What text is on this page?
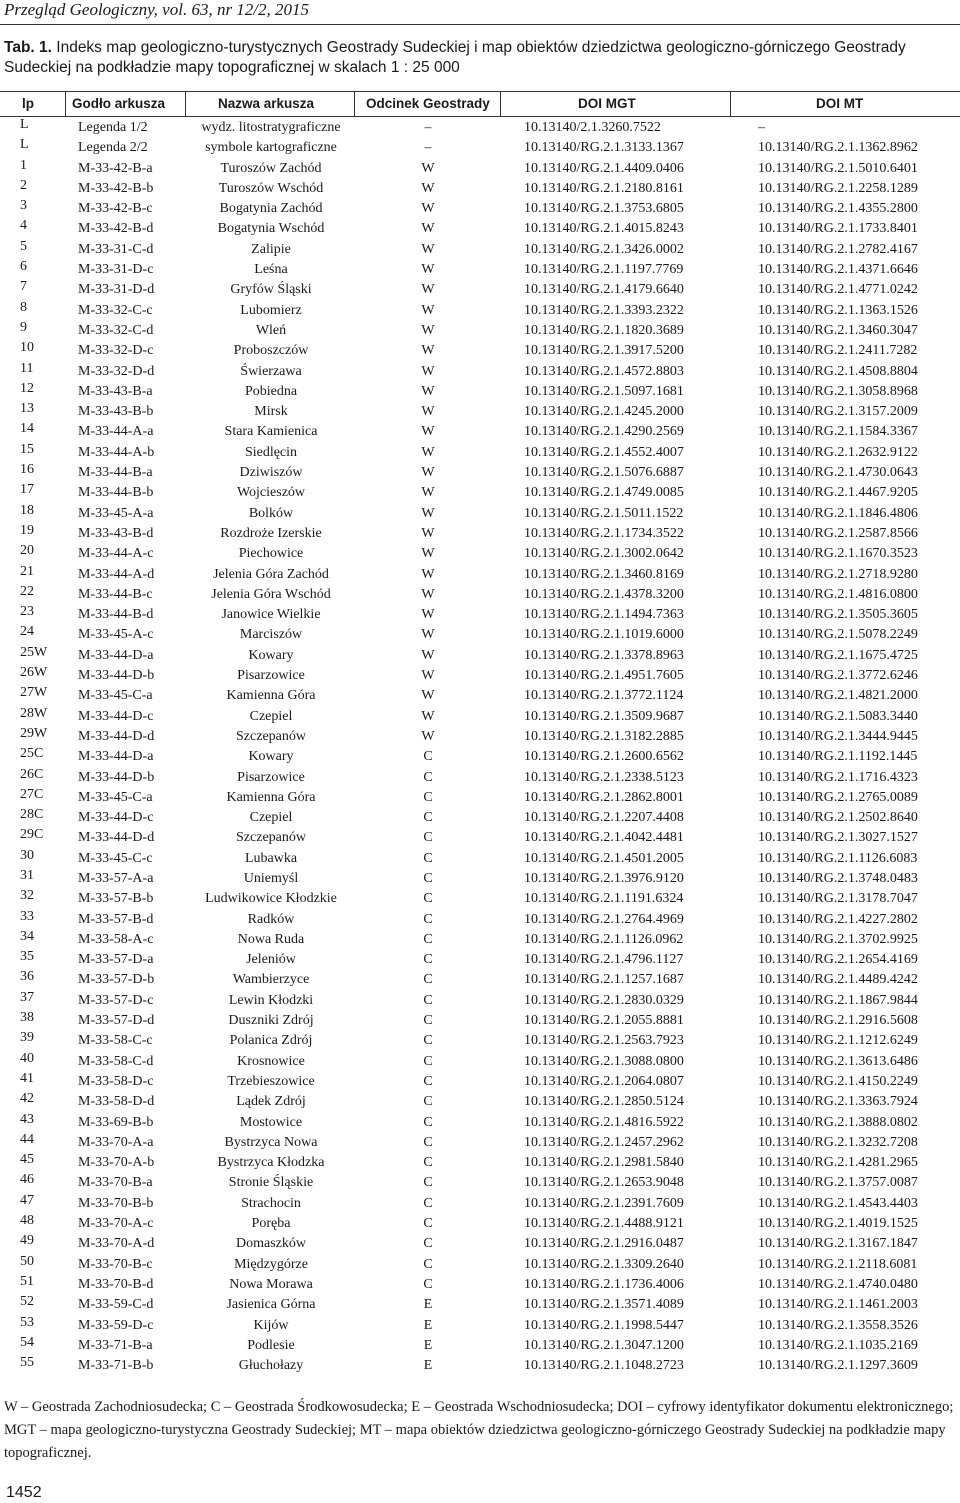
Przegląd Geologiczny, vol. 63, nr 12/2, 2015
Tab. 1. Indeks map geologiczno-turystycznych Geostrady Sudeckiej i map obiektów dziedzictwa geologiczno-górniczego Geostrady Sudeckiej na podkładzie mapy topograficznej w skalach 1 : 25 000
lp	Godło arkusza	Nazwa arkusza	Odcinek Geostrady	DOI MGT	DOI MT
L	Legenda 1/2	wydz. litostratygraficzne	–	10.13140/2.1.3260.7522	–
L	Legenda 2/2	symbole kartograficzne	–	10.13140/RG.2.1.3133.1367	10.13140/RG.2.1.1362.8962
1	M-33-42-B-a	Turoszów Zachód	W	10.13140/RG.2.1.4409.0406	10.13140/RG.2.1.5010.6401
2	M-33-42-B-b	Turoszów Wschód	W	10.13140/RG.2.1.2180.8161	10.13140/RG.2.1.2258.1289
3	M-33-42-B-c	Bogatynia Zachód	W	10.13140/RG.2.1.3753.6805	10.13140/RG.2.1.4355.2800
4	M-33-42-B-d	Bogatynia Wschód	W	10.13140/RG.2.1.4015.8243	10.13140/RG.2.1.1733.8401
5	M-33-31-C-d	Zalipie	W	10.13140/RG.2.1.3426.0002	10.13140/RG.2.1.2782.4167
6	M-33-31-D-c	Leśna	W	10.13140/RG.2.1.1197.7769	10.13140/RG.2.1.4371.6646
7	M-33-31-D-d	Gryfów Śląski	W	10.13140/RG.2.1.4179.6640	10.13140/RG.2.1.4771.0242
8	M-33-32-C-c	Lubomierz	W	10.13140/RG.2.1.3393.2322	10.13140/RG.2.1.1363.1526
9	M-33-32-C-d	Wleń	W	10.13140/RG.2.1.1820.3689	10.13140/RG.2.1.3460.3047
10	M-33-32-D-c	Proboszczów	W	10.13140/RG.2.1.3917.5200	10.13140/RG.2.1.2411.7282
11	M-33-32-D-d	Świerzawa	W	10.13140/RG.2.1.4572.8803	10.13140/RG.2.1.4508.8804
12	M-33-43-B-a	Pobiedna	W	10.13140/RG.2.1.5097.1681	10.13140/RG.2.1.3058.8968
13	M-33-43-B-b	Mirsk	W	10.13140/RG.2.1.4245.2000	10.13140/RG.2.1.3157.2009
14	M-33-44-A-a	Stara Kamienica	W	10.13140/RG.2.1.4290.2569	10.13140/RG.2.1.1584.3367
15	M-33-44-A-b	Siedlęcin	W	10.13140/RG.2.1.4552.4007	10.13140/RG.2.1.2632.9122
16	M-33-44-B-a	Dziwiszów	W	10.13140/RG.2.1.5076.6887	10.13140/RG.2.1.4730.0643
17	M-33-44-B-b	Wojcieszów	W	10.13140/RG.2.1.4749.0085	10.13140/RG.2.1.4467.9205
18	M-33-45-A-a	Bolków	W	10.13140/RG.2.1.5011.1522	10.13140/RG.2.1.1846.4806
19	M-33-43-B-d	Rozdroże Izerskie	W	10.13140/RG.2.1.1734.3522	10.13140/RG.2.1.2587.8566
20	M-33-44-A-c	Piechowice	W	10.13140/RG.2.1.3002.0642	10.13140/RG.2.1.1670.3523
21	M-33-44-A-d	Jelenia Góra Zachód	W	10.13140/RG.2.1.3460.8169	10.13140/RG.2.1.2718.9280
22	M-33-44-B-c	Jelenia Góra Wschód	W	10.13140/RG.2.1.4378.3200	10.13140/RG.2.1.4816.0800
23	M-33-44-B-d	Janowice Wielkie	W	10.13140/RG.2.1.1494.7363	10.13140/RG.2.1.3505.3605
24	M-33-45-A-c	Marciszów	W	10.13140/RG.2.1.1019.6000	10.13140/RG.2.1.5078.2249
25W M-33-44-D-a	Kowary	W	10.13140/RG.2.1.3378.8963	10.13140/RG.2.1.1675.4725
26W M-33-44-D-b	Pisarzowice	W	10.13140/RG.2.1.4951.7605	10.13140/RG.2.1.3772.6246
27W M-33-45-C-a	Kamienna Góra	W	10.13140/RG.2.1.3772.1124	10.13140/RG.2.1.4821.2000
28W M-33-44-D-c	Czepiel	W	10.13140/RG.2.1.3509.9687	10.13140/RG.2.1.5083.3440
29W M-33-44-D-d	Szczepanów	W	10.13140/RG.2.1.3182.2885	10.13140/RG.2.1.3444.9445
25C M-33-44-D-a	Kowary	C	10.13140/RG.2.1.2600.6562	10.13140/RG.2.1.1192.1445
26C M-33-44-D-b	Pisarzowice	C	10.13140/RG.2.1.2338.5123	10.13140/RG.2.1.1716.4323
27C M-33-45-C-a	Kamienna Góra	C	10.13140/RG.2.1.2862.8001	10.13140/RG.2.1.2765.0089
28C M-33-44-D-c	Czepiel	C	10.13140/RG.2.1.2207.4408	10.13140/RG.2.1.2502.8640
29C M-33-44-D-d	Szczepanów	C	10.13140/RG.2.1.4042.4481	10.13140/RG.2.1.3027.1527
30	M-33-45-C-c	Lubawka	C	10.13140/RG.2.1.4501.2005	10.13140/RG.2.1.1126.6083
31	M-33-57-A-a	Uniemyśl	C	10.13140/RG.2.1.3976.9120	10.13140/RG.2.1.3748.0483
32	M-33-57-B-b	Ludwikowice Kłodzkie	C	10.13140/RG.2.1.1191.6324	10.13140/RG.2.1.3178.7047
33	M-33-57-B-d	Radków	C	10.13140/RG.2.1.2764.4969	10.13140/RG.2.1.4227.2802
34	M-33-58-A-c	Nowa Ruda	C	10.13140/RG.2.1.1126.0962	10.13140/RG.2.1.3702.9925
35	M-33-57-D-a	Jeleniów	C	10.13140/RG.2.1.4796.1127	10.13140/RG.2.1.2654.4169
36	M-33-57-D-b	Wambierzyce	C	10.13140/RG.2.1.1257.1687	10.13140/RG.2.1.4489.4242
37	M-33-57-D-c	Lewin Kłodzki	C	10.13140/RG.2.1.2830.0329	10.13140/RG.2.1.1867.9844
38	M-33-57-D-d	Duszniki Zdrój	C	10.13140/RG.2.1.2055.8881	10.13140/RG.2.1.2916.5608
39	M-33-58-C-c	Polanica Zdrój	C	10.13140/RG.2.1.2563.7923	10.13140/RG.2.1.1212.6249
40	M-33-58-C-d	Krosnowice	C	10.13140/RG.2.1.3088.0800	10.13140/RG.2.1.3613.6486
41	M-33-58-D-c	Trzebieszowice	C	10.13140/RG.2.1.2064.0807	10.13140/RG.2.1.4150.2249
42	M-33-58-D-d	Lądek Zdrój	C	10.13140/RG.2.1.2850.5124	10.13140/RG.2.1.3363.7924
43	M-33-69-B-b	Mostowice	C	10.13140/RG.2.1.4816.5922	10.13140/RG.2.1.3888.0802
44	M-33-70-A-a	Bystrzyca Nowa	C	10.13140/RG.2.1.2457.2962	10.13140/RG.2.1.3232.7208
45	M-33-70-A-b	Bystrzyca Kłodzka	C	10.13140/RG.2.1.2981.5840	10.13140/RG.2.1.4281.2965
46	M-33-70-B-a	Stronie Śląskie	C	10.13140/RG.2.1.2653.9048	10.13140/RG.2.1.3757.0087
47	M-33-70-B-b	Strachocin	C	10.13140/RG.2.1.2391.7609	10.13140/RG.2.1.4543.4403
48	M-33-70-A-c	Poręba	C	10.13140/RG.2.1.4488.9121	10.13140/RG.2.1.4019.1525
49	M-33-70-A-d	Domaszków	C	10.13140/RG.2.1.2916.0487	10.13140/RG.2.1.3167.1847
50	M-33-70-B-c	Międzygórze	C	10.13140/RG.2.1.3309.2640	10.13140/RG.2.1.2118.6081
51	M-33-70-B-d	Nowa Morawa	C	10.13140/RG.2.1.1736.4006	10.13140/RG.2.1.4740.0480
52	M-33-59-C-d	Jasienica Górna	E	10.13140/RG.2.1.3571.4089	10.13140/RG.2.1.1461.2003
53	M-33-59-D-c	Kijów	E	10.13140/RG.2.1.1998.5447	10.13140/RG.2.1.3558.3526
54	M-33-71-B-a	Podlesie	E	10.13140/RG.2.1.3047.1200	10.13140/RG.2.1.1035.2169
55	M-33-71-B-b	Głuchołazy	E	10.13140/RG.2.1.1048.2723	10.13140/RG.2.1.1297.3609
W – Geostrada Zachodniosudecka; C – Geostrada Środkowosudecka; E – Geostrada Wschodniosudecka; DOI – cyfrowy identyfikator dokumentu elektronicznego; MGT – mapa geologiczno-turystyczna Geostrady Sudeckiej; MT – mapa obiektów dziedzictwa geologiczno-górniczego Geostrady Sudeckiej na podkładzie mapy topograficznej.
1452
